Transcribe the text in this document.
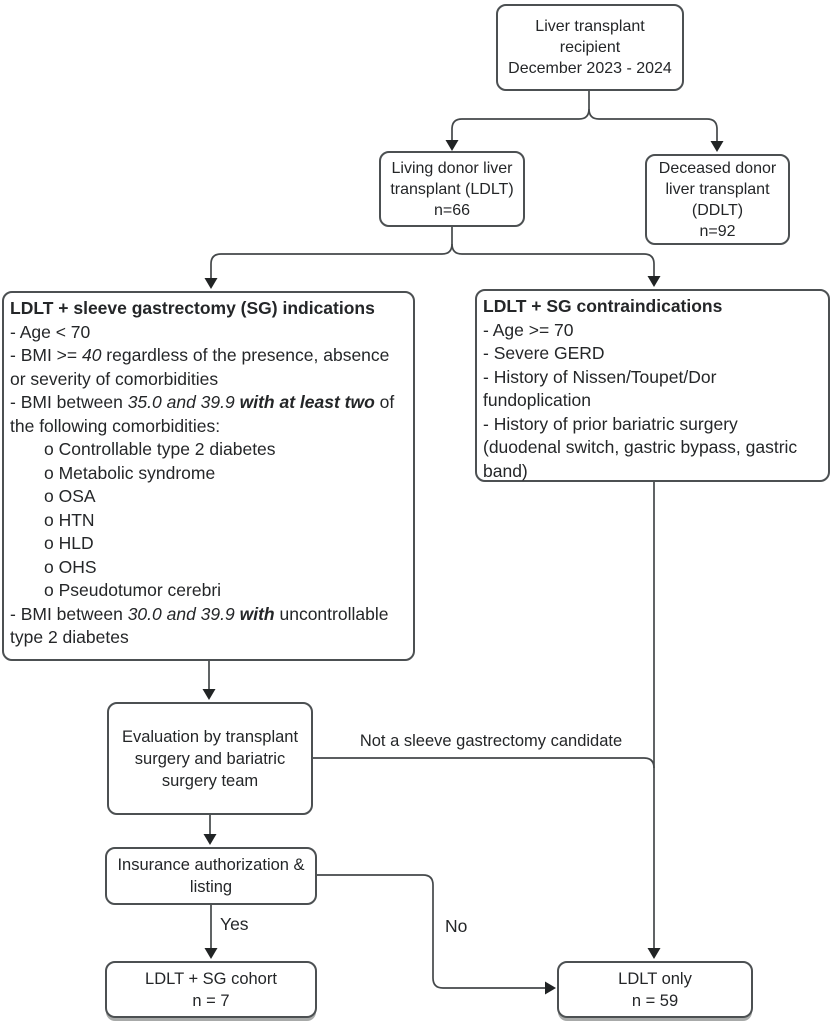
Liver transplant
recipient
December 2023 - 2024
Living donor liver
transplant (LDLT)
n=66
Deceased donor
liver transplant
(DDLT)
n=92
LDLT + sleeve gastrectomy (SG) indications
- Age < 70
- BMI >= 40 regardless of the presence, absence or severity of comorbidities
- BMI between 35.0 and 39.9 with at least two of the following comorbidities:
o Controllable type 2 diabetes
o Metabolic syndrome
o OSA
o HTN
o HLD
o OHS
o Pseudotumor cerebri
- BMI between 30.0 and 39.9 with uncontrollable type 2 diabetes
LDLT + SG contraindications
- Age >= 70
- Severe GERD
- History of Nissen/Toupet/Dor fundoplication
- History of prior bariatric surgery (duodenal switch, gastric bypass, gastric band)
Evaluation by transplant
surgery and bariatric
surgery team
Insurance authorization &
listing
LDLT + SG cohort
n = 7
LDLT only
n = 59
Not a sleeve gastrectomy candidate
Yes	No
